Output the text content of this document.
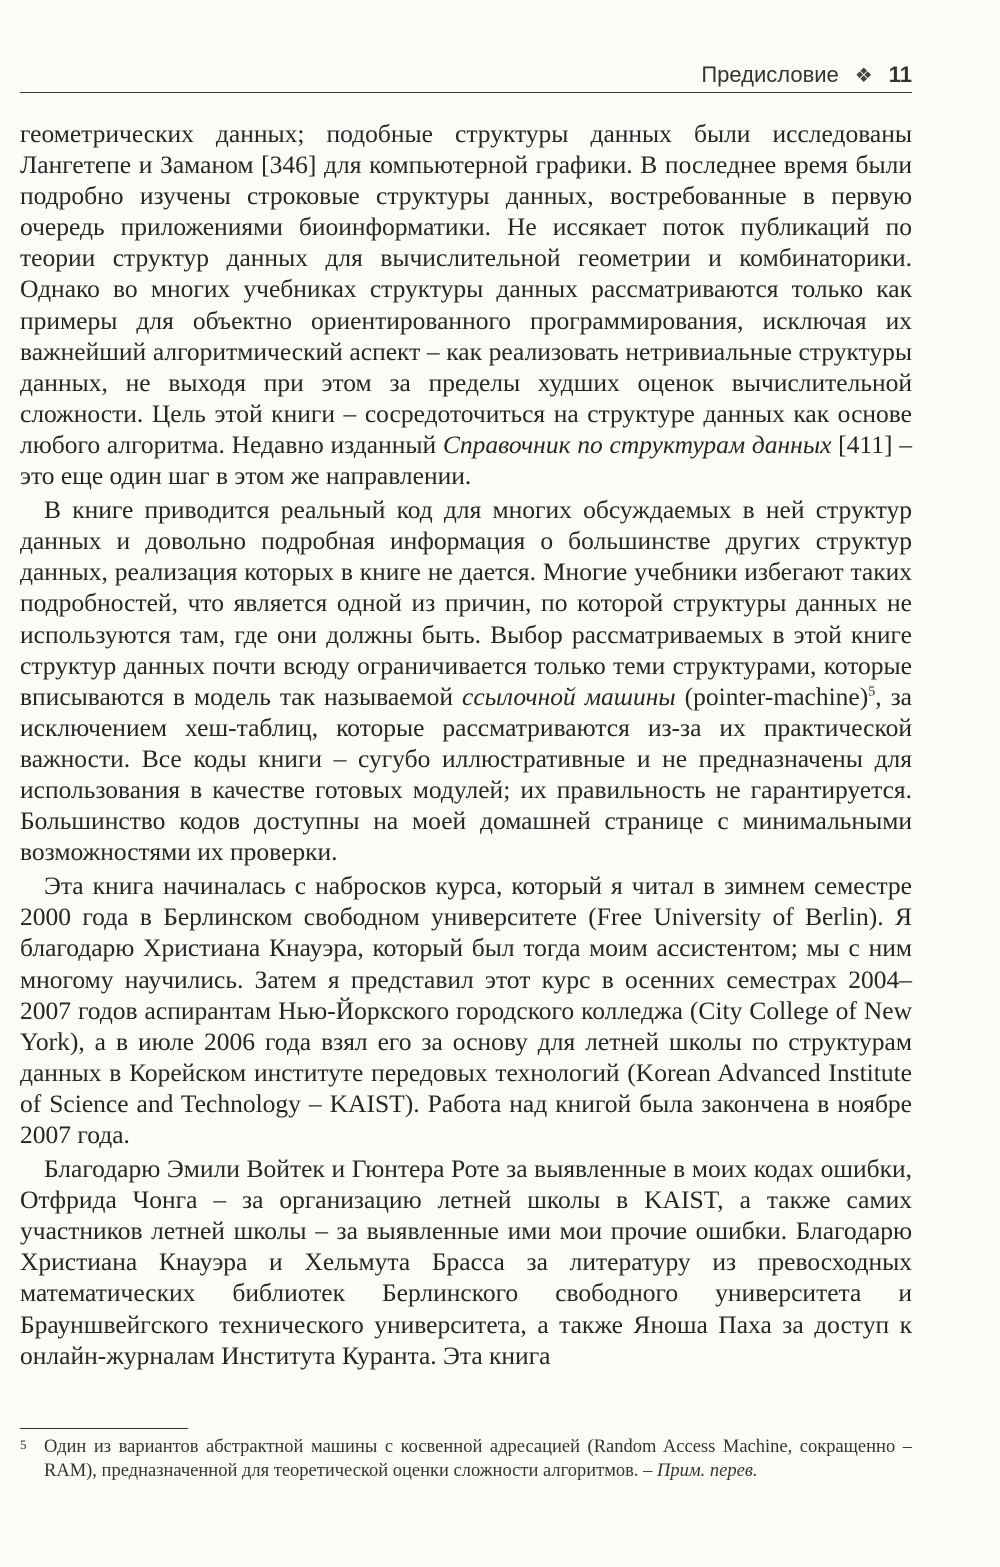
Предисловие ❖ 11

геометрических данных; подобные структуры данных были исследованы Лангетепе и Заманом [346] для компьютерной графики. В последнее время были подробно изучены строковые структуры данных, востребованные в первую очередь приложениями биоинформатики. Не иссякает поток публикаций по теории структур данных для вычислительной геометрии и комбинаторики. Однако во многих учебниках структуры данных рассматриваются только как примеры для объектно ориентированного программирования, исключая их важнейший алгоритмический аспект – как реализовать нетривиальные структуры данных, не выходя при этом за пределы худших оценок вычислительной сложности. Цель этой книги – сосредоточиться на структуре данных как основе любого алгоритма. Недавно изданный Справочник по структурам данных [411] – это еще один шаг в этом же направлении.

В книге приводится реальный код для многих обсуждаемых в ней структур данных и довольно подробная информация о большинстве других структур данных, реализация которых в книге не дается. Многие учебники избегают таких подробностей, что является одной из причин, по которой структуры данных не используются там, где они должны быть. Выбор рассматриваемых в этой книге структур данных почти всюду ограничивается только теми структурами, которые вписываются в модель так называемой ссылочной машины (pointer-machine)$^5$, за исключением хеш-таблиц, которые рассматриваются из-за их практической важности. Все коды книги – сугубо иллюстративные и не предназначены для использования в качестве готовых модулей; их правильность не гарантируется. Большинство кодов доступны на моей домашней странице с минимальными возможностями их проверки.

Эта книга начиналась с набросков курса, который я читал в зимнем семестре 2000 года в Берлинском свободном университете (Free University of Berlin). Я благодарю Христиана Кнауэра, который был тогда моим ассистентом; мы с ним многому научились. Затем я представил этот курс в осенних семестрах 2004–2007 годов аспирантам Нью-Йоркского городского колледжа (City College of New York), а в июле 2006 года взял его за основу для летней школы по структурам данных в Корейском институте передовых технологий (Korean Advanced Institute of Science and Technology – KAIST). Работа над книгой была закончена в ноябре 2007 года.

Благодарю Эмили Войтек и Гюнтера Роте за выявленные в моих кодах ошибки, Отфрида Чонга – за организацию летней школы в KAIST, а также самих участников летней школы – за выявленные ими мои прочие ошибки. Благодарю Христиана Кнауэра и Хельмута Брасса за литературу из превосходных математических библиотек Берлинского свободного университета и Брауншвейгского технического университета, а также Яноша Паха за доступ к онлайн-журналам Института Куранта. Эта книга

5 Один из вариантов абстрактной машины с косвенной адресацией (Random Access Machine, сокращенно – RAM), предназначенной для теоретической оценки сложности алгоритмов. – Прим. перев.
